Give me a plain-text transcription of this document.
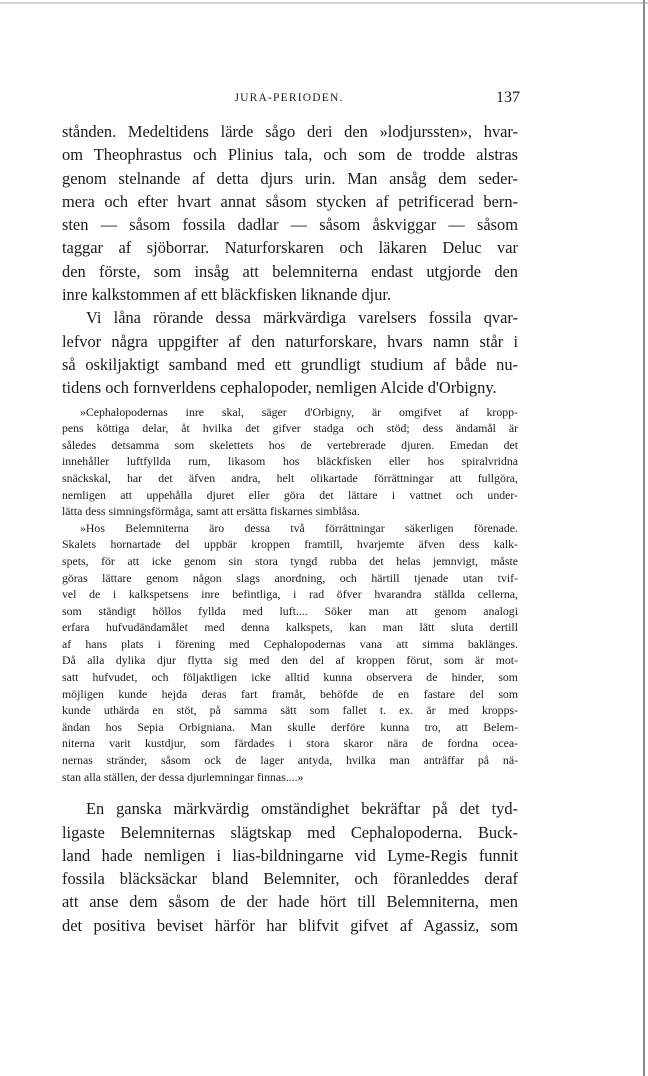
JURA-PERIODEN.	137

stånden. Medeltidens lärde sågo deri den »lodjurssten», hvar-
om Theophrastus och Plinius tala, och som de trodde alstras
genom stelnande af detta djurs urin. Man ansåg dem seder-
mera och efter hvart annat såsom stycken af petrificerad bern-
sten — såsom fossila dadlar — såsom åskviggar — såsom
taggar af sjöborrar. Naturforskaren och läkaren Deluc var
den förste, som insåg att belemniterna endast utgjorde den
inre kalkstommen af ett bläckfisken liknande djur.

Vi låna rörande dessa märkvärdiga varelsers fossila qvar-
lefvor några uppgifter af den naturforskare, hvars namn står i
så oskiljaktigt samband med ett grundligt studium af både nu-
tidens och fornverldens cephalopoder, nemligen Alcide d'Orbigny.

»Cephalopodernas inre skal, säger d'Orbigny, är omgifvet af kropp-
pens köttiga delar, åt hvilka det gifver stadga och stöd; dess ändamål är
således detsamma som skelettets hos de vertebrerade djuren. Emedan det
innehåller luftfyllda rum, likasom hos bläckfisken eller hos spiralvridna
snäckskal, har det äfven andra, helt olikartade förrättningar att fullgöra,
nemligen att uppehålla djuret eller göra det lättare i vattnet och under-
lätta dess simningsförmåga, samt att ersätta fiskarnes simblåsa.

»Hos Belemniterna äro dessa två förrättningar säkerligen förenade.
Skalets hornartade del uppbär kroppen framtill, hvarjemte äfven dess kalk-
spets, för att icke genom sin stora tyngd rubba det helas jemnvigt, måste
göras lättare genom någon slags anordning, och härtill tjenade utan tvif-
vel de i kalkspetsens inre befintliga, i rad öfver hvarandra ställda cellerna,
som ständigt höllos fyllda med luft.... Söker man att genom analogi
erfara hufvudändamålet med denna kalkspets, kan man lätt sluta dertill
af hans plats i förening med Cephalopodernas vana att simma baklänges.
Då alla dylika djur flytta sig med den del af kroppen förut, som är mot-
satt hufvudet, och följaktligen icke alltid kunna observera de hinder, som
möjligen kunde hejda deras fart framåt, behöfde de en fastare del som
kunde uthärda en stöt, på samma sätt som fallet t. ex. är med kropps-
ändan hos Sepia Orbigniana. Man skulle derföre kunna tro, att Belem-
niterna varit kustdjur, som färdades i stora skaror nära de fordna ocea-
nernas stränder, såsom ock de lager antyda, hvilka man anträffar på nä-
stan alla ställen, der dessa djurlemningar finnas....»

En ganska märkvärdig omständighet bekräftar på det tyd-
ligaste Belemniternas slägtskap med Cephalopoderna. Buck-
land hade nemligen i lias-bildningarne vid Lyme-Regis funnit
fossila bläcksäckar bland Belemniter, och föranleddes deraf
att anse dem såsom de der hade hört till Belemniterna, men
det positiva beviset härför har blifvit gifvet af Agassiz, som
